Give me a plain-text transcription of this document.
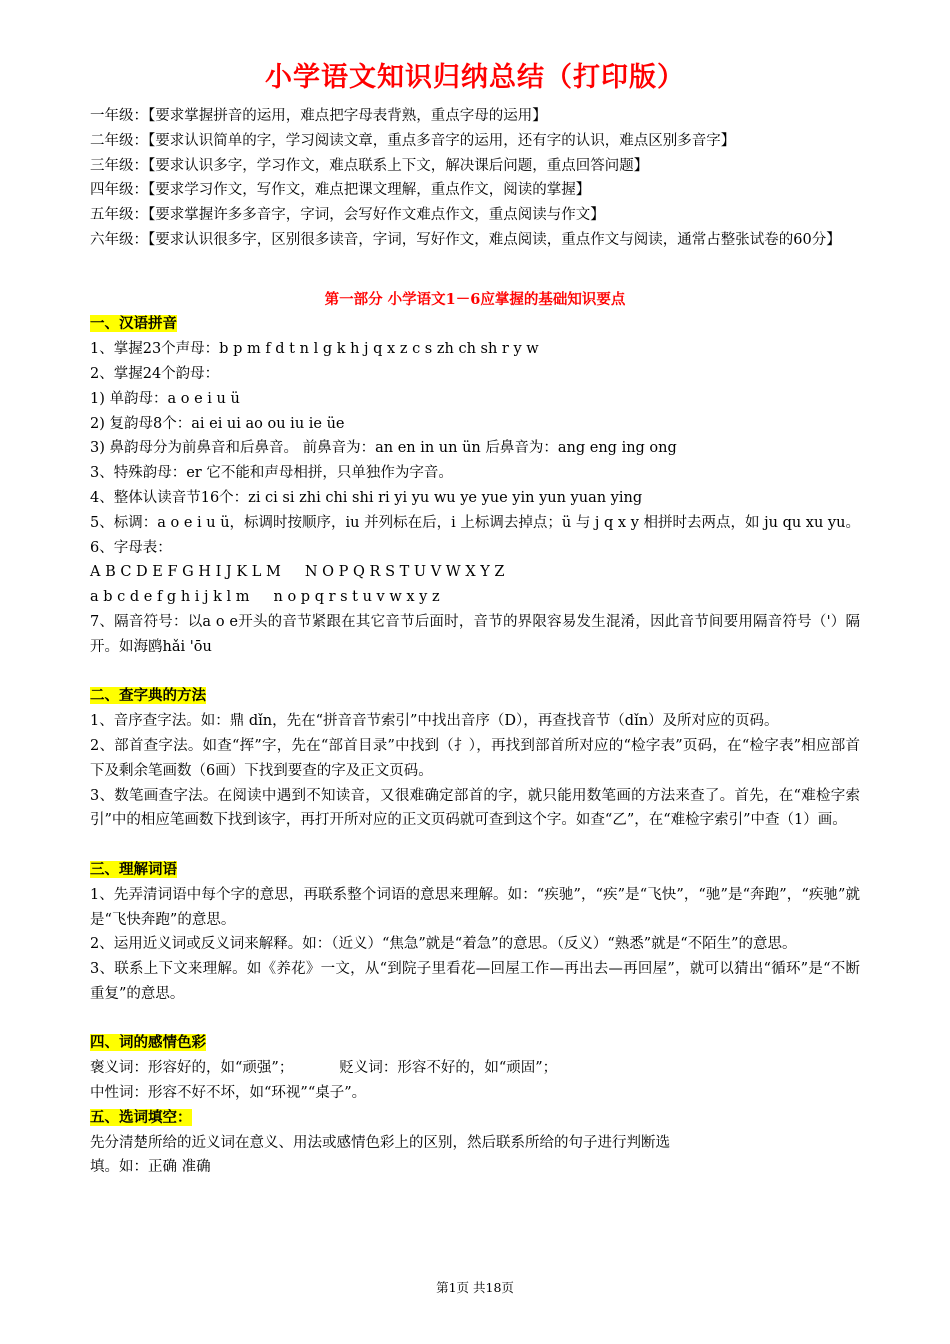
小学语文知识归纳总结（打印版）

一年级：【要求掌握拼音的运用，难点把字母表背熟，重点字母的运用】

二年级：【要求认识简单的字，学习阅读文章，重点多音字的运用，还有字的认识，难点区别多音字】

三年级：【要求认识多字，学习作文，难点联系上下文，解决课后问题，重点回答问题】

四年级：【要求学习作文，写作文，难点把课文理解，重点作文，阅读的掌握】

五年级：【要求掌握许多多音字，字词，会写好作文难点作文，重点阅读与作文】

六年级：【要求认识很多字，区别很多读音，字词，写好作文，难点阅读，重点作文与阅读，通常占整张试卷的60分】

第一部分 小学语文1－6应掌握的基础知识要点

一、汉语拼音

1、掌握23个声母：b p m f d t n l g k h j q x z c s zh ch sh r y w

2、掌握24个韵母：

1) 单韵母：a o e i u ü

2) 复韵母8个：ai ei ui ao ou iu ie üe

3) 鼻韵母分为前鼻音和后鼻音。 前鼻音为：an en in un ün 后鼻音为：ang eng ing ong

3、特殊韵母：er 它不能和声母相拼，只单独作为字音。

4、整体认读音节16个：zi ci si zhi chi shi ri yi yu wu ye yue yin yun yuan ying

5、标调：a o e i u ü，标调时按顺序，iu 并列标在后，i 上标调去掉点；ü 与 j q x y 相拼时去两点，如 ju qu xu yu。

6、字母表：

A B C D E F G H I J K L M N O P Q R S T U V W X Y Z

a b c d e f g h i j k l m n o p q r s t u v w x y z

7、隔音符号：以a o e开头的音节紧跟在其它音节后面时，音节的界限容易发生混淆，因此音节间要用隔音符号（'）隔开。如海鸥hǎi 'ōu

二、查字典的方法

1、音序查字法。如：鼎 dǐn，先在“拼音音节索引”中找出音序（D），再查找音节（dǐn）及所对应的页码。

2、部首查字法。如查“挥”字，先在“部首目录”中找到（扌），再找到部首所对应的“检字表”页码，在“检字表”相应部首下及剩余笔画数（6画）下找到要查的字及正文页码。

3、数笔画查字法。在阅读中遇到不知读音，又很难确定部首的字，就只能用数笔画的方法来查了。首先，在“难检字索引”中的相应笔画数下找到该字，再打开所对应的正文页码就可查到这个字。如查“乙”，在“难检字索引”中查（1）画。

三、理解词语

1、先弄清词语中每个字的意思，再联系整个词语的意思来理解。如：“疾驰”，“疾”是“飞快”，“驰”是“奔跑”，“疾驰”就是“飞快奔跑”的意思。

2、运用近义词或反义词来解释。如：（近义）“焦急”就是“着急”的意思。（反义）“熟悉”就是“不陌生”的意思。

3、联系上下文来理解。如《养花》一文，从“到院子里看花—回屋工作—再出去—再回屋”，就可以猜出“循环”是“不断重复”的意思。

四、词的感情色彩

褒义词：形容好的，如“顽强”；	贬义词：形容不好的，如“顽固”；

中性词：形容不好不坏，如“环视”“桌子”。

五、选词填空：

先分清楚所给的近义词在意义、用法或感情色彩上的区别，然后联系所给的句子进行判断选

填。如：正确 准确

第1页 共18页
